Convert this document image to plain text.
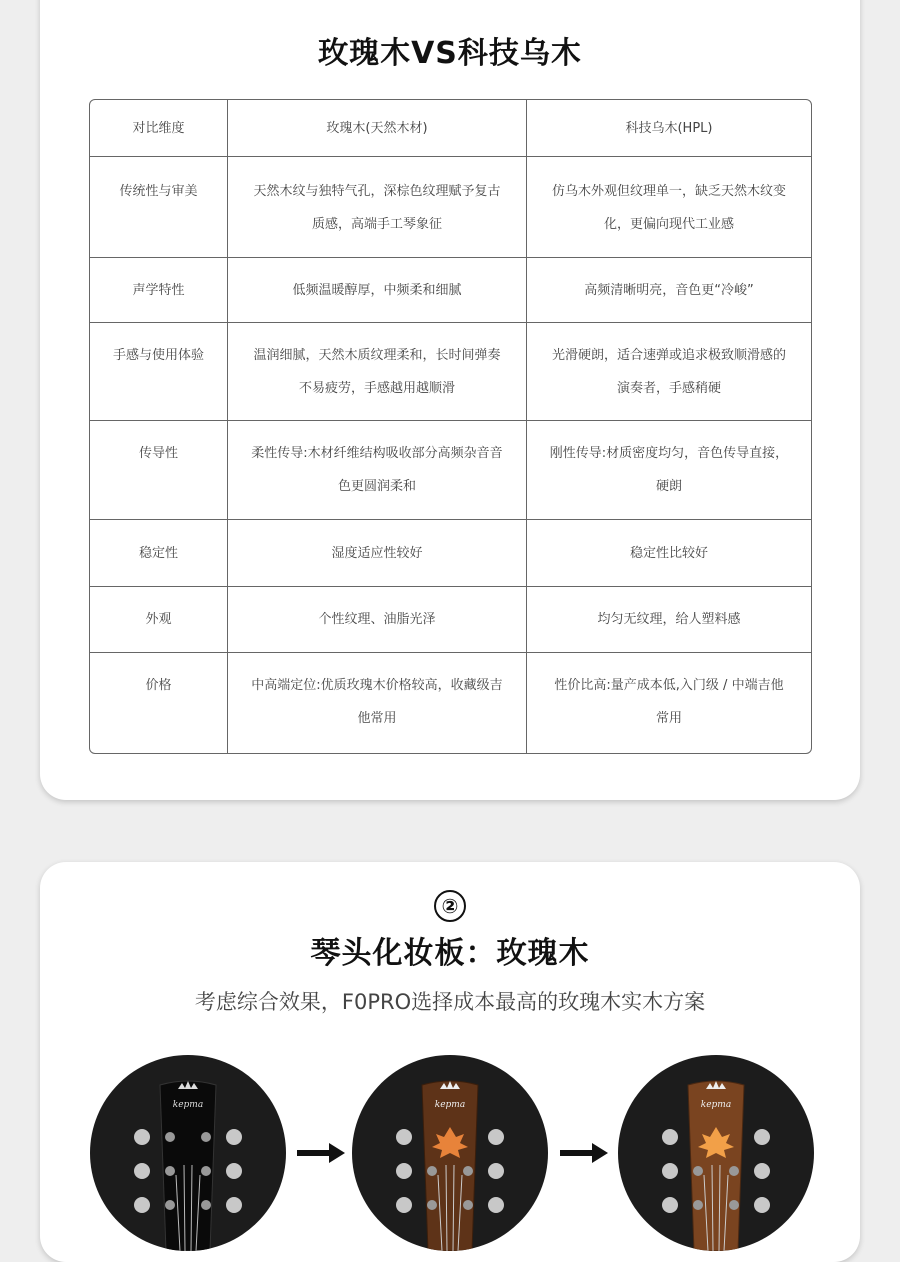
玫瑰木VS科技乌木
对比维度	玫瑰木(天然木材)	科技乌木(HPL)
传统性与审美	天然木纹与独特气孔，深棕色纹理赋予复古质感，高端手工琴象征	仿乌木外观但纹理单一，缺乏天然木纹变化，更偏向现代工业感
声学特性	低频温暖醇厚，中频柔和细腻	高频清晰明亮，音色更“冷峻”
手感与使用体验	温润细腻，天然木质纹理柔和，长时间弹奏不易疲劳，手感越用越顺滑	光滑硬朗，适合速弹或追求极致顺滑感的演奏者，手感稍硬
传导性	柔性传导:木材纤维结构吸收部分高频杂音音色更圆润柔和	刚性传导:材质密度均匀，音色传导直接，硬朗
稳定性	湿度适应性较好	稳定性比较好
外观	个性纹理、油脂光泽	均匀无纹理，给人塑料感
价格	中高端定位:优质玫瑰木价格较高，收藏级吉他常用	性价比高:量产成本低,入门级 / 中端吉他常用
②
琴头化妆板：玫瑰木
考虑综合效果，F0PRO选择成本最高的玫瑰木实木方案
kepma	kepma	kepma
